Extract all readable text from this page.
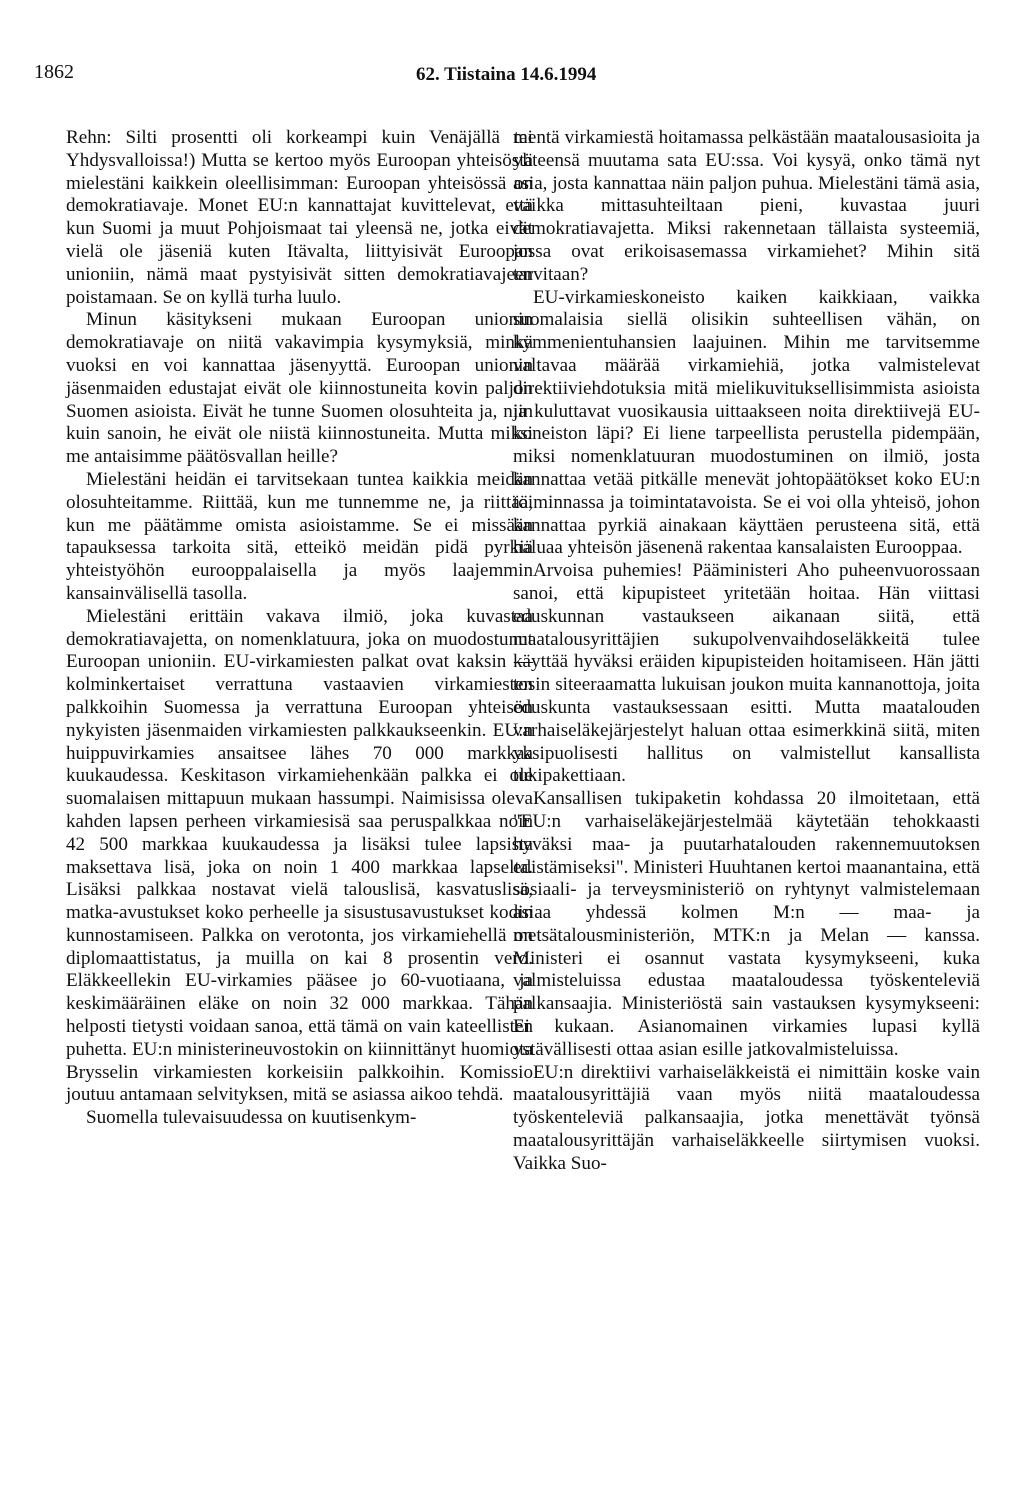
1862	62. Tiistaina 14.6.1994

Rehn: Silti prosentti oli korkeampi kuin Venäjällä tai Yhdysvalloissa!) Mutta se kertoo myös Euroopan yhteisöstä mielestäni kaikkein oleellisimman: Euroopan yhteisössä on demokratiavaje. Monet EU:n kannattajat kuvittelevat, että kun Suomi ja muut Pohjoismaat tai yleensä ne, jotka eivät vielä ole jäseniä kuten Itävalta, liittyisivät Euroopan unioniin, nämä maat pystyisivät sitten demokratiavajeen poistamaan. Se on kyllä turha luulo.

Minun käsitykseni mukaan Euroopan unionin demokratiavaje on niitä vakavimpia kysymyksiä, minkä vuoksi en voi kannattaa jäsenyyttä. Euroopan unionin jäsenmaiden edustajat eivät ole kiinnostuneita kovin paljon Suomen asioista. Eivät he tunne Suomen olosuhteita ja, niin kuin sanoin, he eivät ole niistä kiinnostuneita. Mutta miksi me antaisimme päätösvallan heille?

Mielestäni heidän ei tarvitsekaan tuntea kaikkia meidän olosuhteitamme. Riittää, kun me tunnemme ne, ja riittää, kun me päätämme omista asioistamme. Se ei missään tapauksessa tarkoita sitä, etteikö meidän pidä pyrkiä yhteistyöhön eurooppalaisella ja myös laajemmin kansainvälisellä tasolla.

Mielestäni erittäin vakava ilmiö, joka kuvastaa demokratiavajetta, on nomenklatuura, joka on muodostunut Euroopan unioniin. EU-virkamiesten palkat ovat kaksin — kolminkertaiset verrattuna vastaavien virkamiesten palkkoihin Suomessa ja verrattuna Euroopan yhteisön nykyisten jäsenmaiden virkamiesten palkkaukseenkin. EU:n huippuvirkamies ansaitsee lähes 70 000 markkaa kuukaudessa. Keskitason virkamiehenkään palkka ei ole suomalaisen mittapuun mukaan hassumpi. Naimisissa oleva kahden lapsen perheen virkamiesisä saa peruspalkkaa noin 42 500 markkaa kuukaudessa ja lisäksi tulee lapsista maksettava lisä, joka on noin 1 400 markkaa lapselta. Lisäksi palkkaa nostavat vielä talouslisä, kasvatuslisä, matka-avustukset koko perheelle ja sisustusavustukset kodin kunnostamiseen. Palkka on verotonta, jos virkamiehellä on diplomaattistatus, ja muilla on kai 8 prosentin vero. Eläkkeellekin EU-virkamies pääsee jo 60-vuotiaana, ja keskimääräinen eläke on noin 32 000 markkaa. Tähän helposti tietysti voidaan sanoa, että tämä on vain kateellisten puhetta. EU:n ministerineuvostokin on kiinnittänyt huomiota Brysselin virkamiesten korkeisiin palkkoihin. Komissio joutuu antamaan selvityksen, mitä se asiassa aikoo tehdä.

Suomella tulevaisuudessa on kuutisenkym-

mentä virkamiestä hoitamassa pelkästään maatalousasioita ja yhteensä muutama sata EU:ssa. Voi kysyä, onko tämä nyt asia, josta kannattaa näin paljon puhua. Mielestäni tämä asia, vaikka mittasuhteiltaan pieni, kuvastaa juuri demokratiavajetta. Miksi rakennetaan tällaista systeemiä, jossa ovat erikoisasemassa virkamiehet? Mihin sitä tarvitaan?

EU-virkamieskoneisto kaiken kaikkiaan, vaikka suomalaisia siellä olisikin suhteellisen vähän, on kymmenientuhansien laajuinen. Mihin me tarvitsemme valtavaa määrää virkamiehiä, jotka valmistelevat direktiiviehdotuksia mitä mielikuvituksellisimmista asioista ja kuluttavat vuosikausia uittaakseen noita direktiivejä EU-koneiston läpi? Ei liene tarpeellista perustella pidempään, miksi nomenklatuuran muodostuminen on ilmiö, josta kannattaa vetää pitkälle menevät johtopäätökset koko EU:n toiminnassa ja toimintatavoista. Se ei voi olla yhteisö, johon kannattaa pyrkiä ainakaan käyttäen perusteena sitä, että haluaa yhteisön jäsenenä rakentaa kansalaisten Eurooppaa.

Arvoisa puhemies! Pääministeri Aho puheenvuorossaan sanoi, että kipupisteet yritetään hoitaa. Hän viittasi eduskunnan vastaukseen aikanaan siitä, että maatalousyrittäjien sukupolvenvaihdoseläkkeitä tulee käyttää hyväksi eräiden kipupisteiden hoitamiseen. Hän jätti tosin siteeraamatta lukuisan joukon muita kannanottoja, joita eduskunta vastauksessaan esitti. Mutta maatalouden varhaiseläkejärjestelyt haluan ottaa esimerkkinä siitä, miten yksipuolisesti hallitus on valmistellut kansallista tukipakettiaan.

Kansallisen tukipaketin kohdassa 20 ilmoitetaan, että "EU:n varhaiseläkejärjestelmää käytetään tehokkaasti hyväksi maa- ja puutarhatalouden rakennemuutoksen edistämiseksi". Ministeri Huuhtanen kertoi maanantaina, että sosiaali- ja terveysministeriö on ryhtynyt valmistelemaan asiaa yhdessä kolmen M:n — maa- ja metsätalousministeriön, MTK:n ja Melan — kanssa. Ministeri ei osannut vastata kysymykseeni, kuka valmisteluissa edustaa maataloudessa työskenteleviä palkansaajia. Ministeriöstä sain vastauksen kysymykseeni: Ei kukaan. Asianomainen virkamies lupasi kyllä ystävällisesti ottaa asian esille jatkovalmisteluissa.

EU:n direktiivi varhaiseläkkeistä ei nimittäin koske vain maatalousyrittäjiä vaan myös niitä maataloudessa työskenteleviä palkansaajia, jotka menettävät työnsä maatalousyrittäjän varhaiseläkkeelle siirtymisen vuoksi. Vaikka Suo-
